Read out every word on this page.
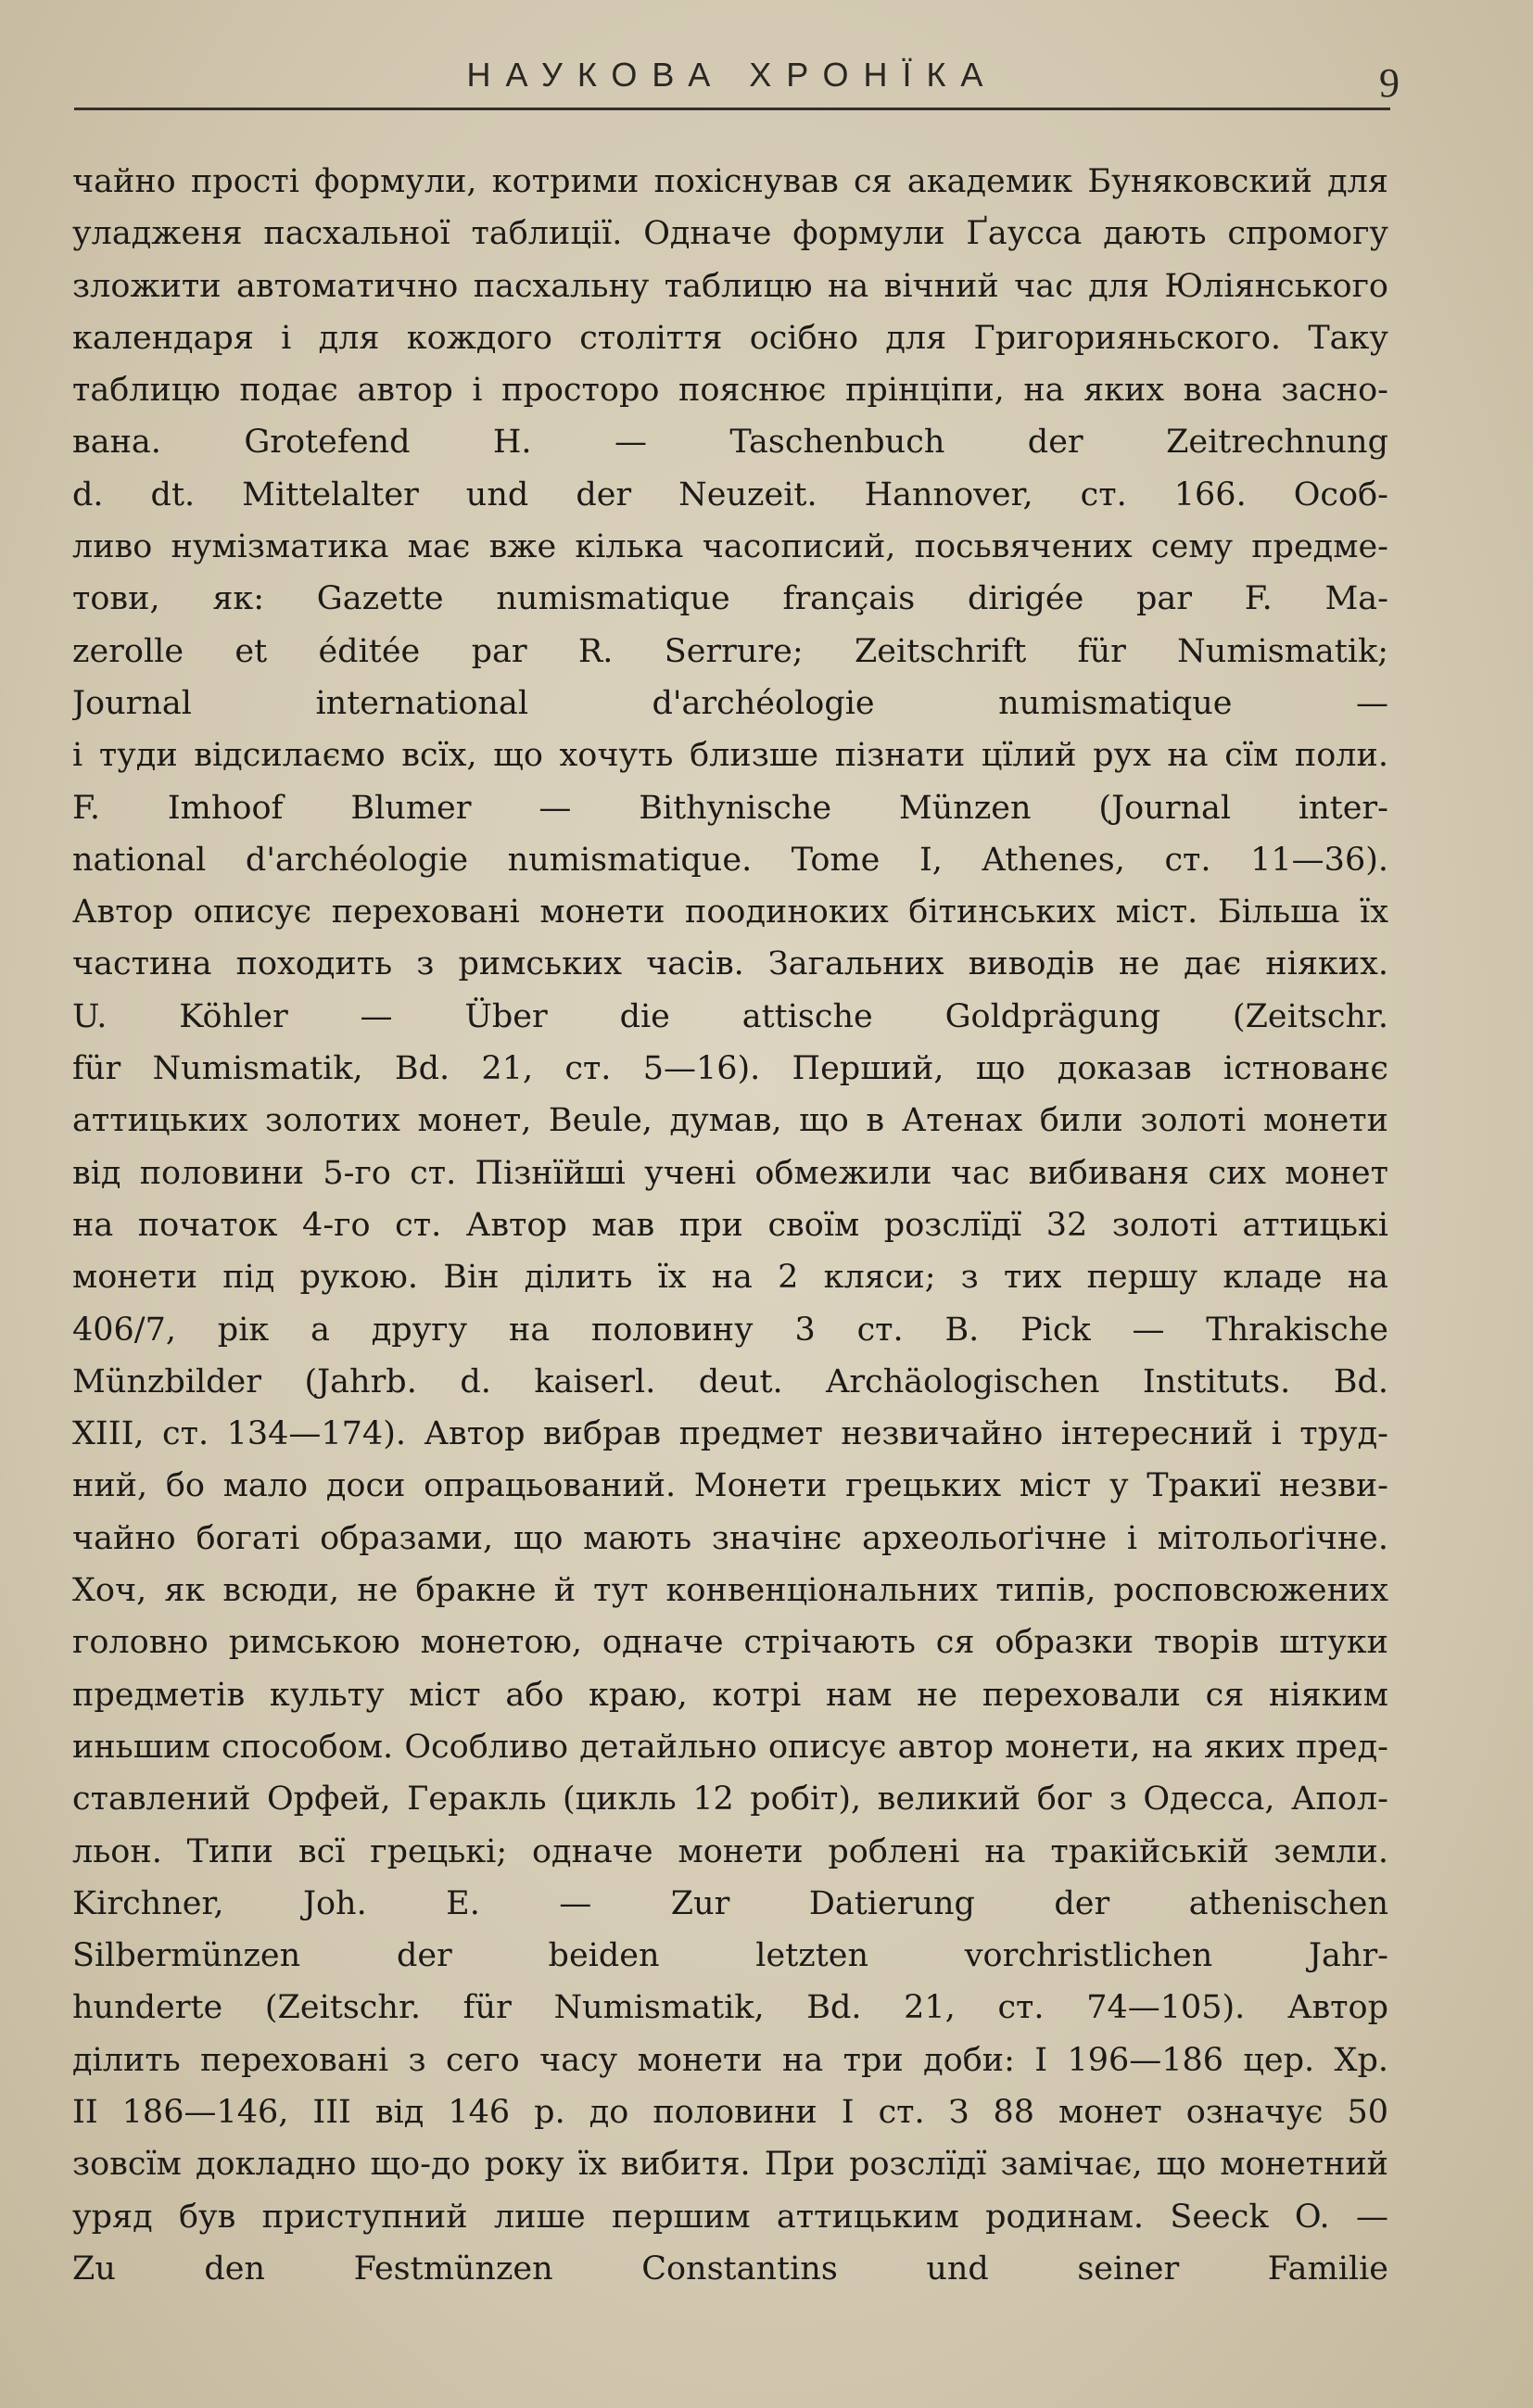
НАУКОВА ХРОНЇКА	9
чайно прості формули, котрими похіснував ся академик Буняковский для
уладженя пасхальної таблиції. Одначе формули Ґаусса дають спромогу
зложити автоматично пасхальну таблицю на вічний час для Юліянського
календаря і для кождого століття осібно для Григорияньского. Таку
таблицю подає автор і просторо пояснює прінціпи, на яких вона засно-
вана. Grotefend H. — Taschenbuch der Zeitrechnung
d. dt. Mittelalter und der Neuzeit. Hannover, ст. 166. Особ-
ливо нумізматика має вже кілька часописий, посьвячених сему предме-
тови, як: Gazette numismatique français dirigée par F. Ma-
zerolle et éditée par R. Serrure; Zeitschrift für Numismatik;
Journal international d'archéologie numismatique —
і туди відсилаємо всїх, що хочуть близше пізнати цїлий рух на сїм поли.
F. Imhoof Blumer — Bithynische Münzen (Journal inter-
national d'archéologie numismatique. Tome I, Athenes, ст. 11—36).
Автор описує переховані монети поодиноких бітинських міст. Більша їх
частина походить з римських часів. Загальних виводів не дає ніяких.
U. Köhler — Über die attische Goldprägung (Zeitschr.
für Numismatik, Bd. 21, ст. 5—16). Перший, що доказав істнованє
аттицьких золотих монет, Beule, думав, що в Атенах били золоті монети
від половини 5-го ст. Пізнїйші учені обмежили час вибиваня сих монет
на початок 4-го ст. Автор мав при своїм розслїдї 32 золоті аттицькі
монети під рукою. Він ділить їх на 2 кляси; з тих першу кладе на
406/7, рік а другу на половину 3 ст. B. Pick — Thrakische
Münzbilder (Jahrb. d. kaiserl. deut. Archäologischen Instituts. Bd.
XIII, ст. 134—174). Автор вибрав предмет незвичайно інтересний і труд-
ний, бо мало доси опрацьований. Монети грецьких міст у Тракиї незви-
чайно богаті образами, що мають значінє археольоґічне і мітольоґічне.
Хоч, як всюди, не бракне й тут конвенціональних типів, росповсюжених
головно римською монетою, одначе стрічають ся образки творів штуки
предметів культу міст або краю, котрі нам не переховали ся ніяким
иньшим способом. Особливо детайльно описує автор монети, на яких пред-
ставлений Орфей, Геракль (цикль 12 робіт), великий бог з Одесса, Апол-
льон. Типи всї грецькі; одначе монети роблені на тракійській земли.
Kirchner, Joh. E. — Zur Datierung der athenischen
Silbermünzen der beiden letzten vorchristlichen Jahr-
hunderte (Zeitschr. für Numismatik, Bd. 21, ст. 74—105). Автор
ділить переховані з сего часу монети на три доби: I 196—186 цер. Хр.
II 186—146, III від 146 р. до половини I ст. З 88 монет означує 50
зовсїм докладно що-до року їх вибитя. При розслїдї замічає, що монетний
уряд був приступний лише першим аттицьким родинам. Seeck O. —
Zu den Festmünzen Constantins und seiner Familie
